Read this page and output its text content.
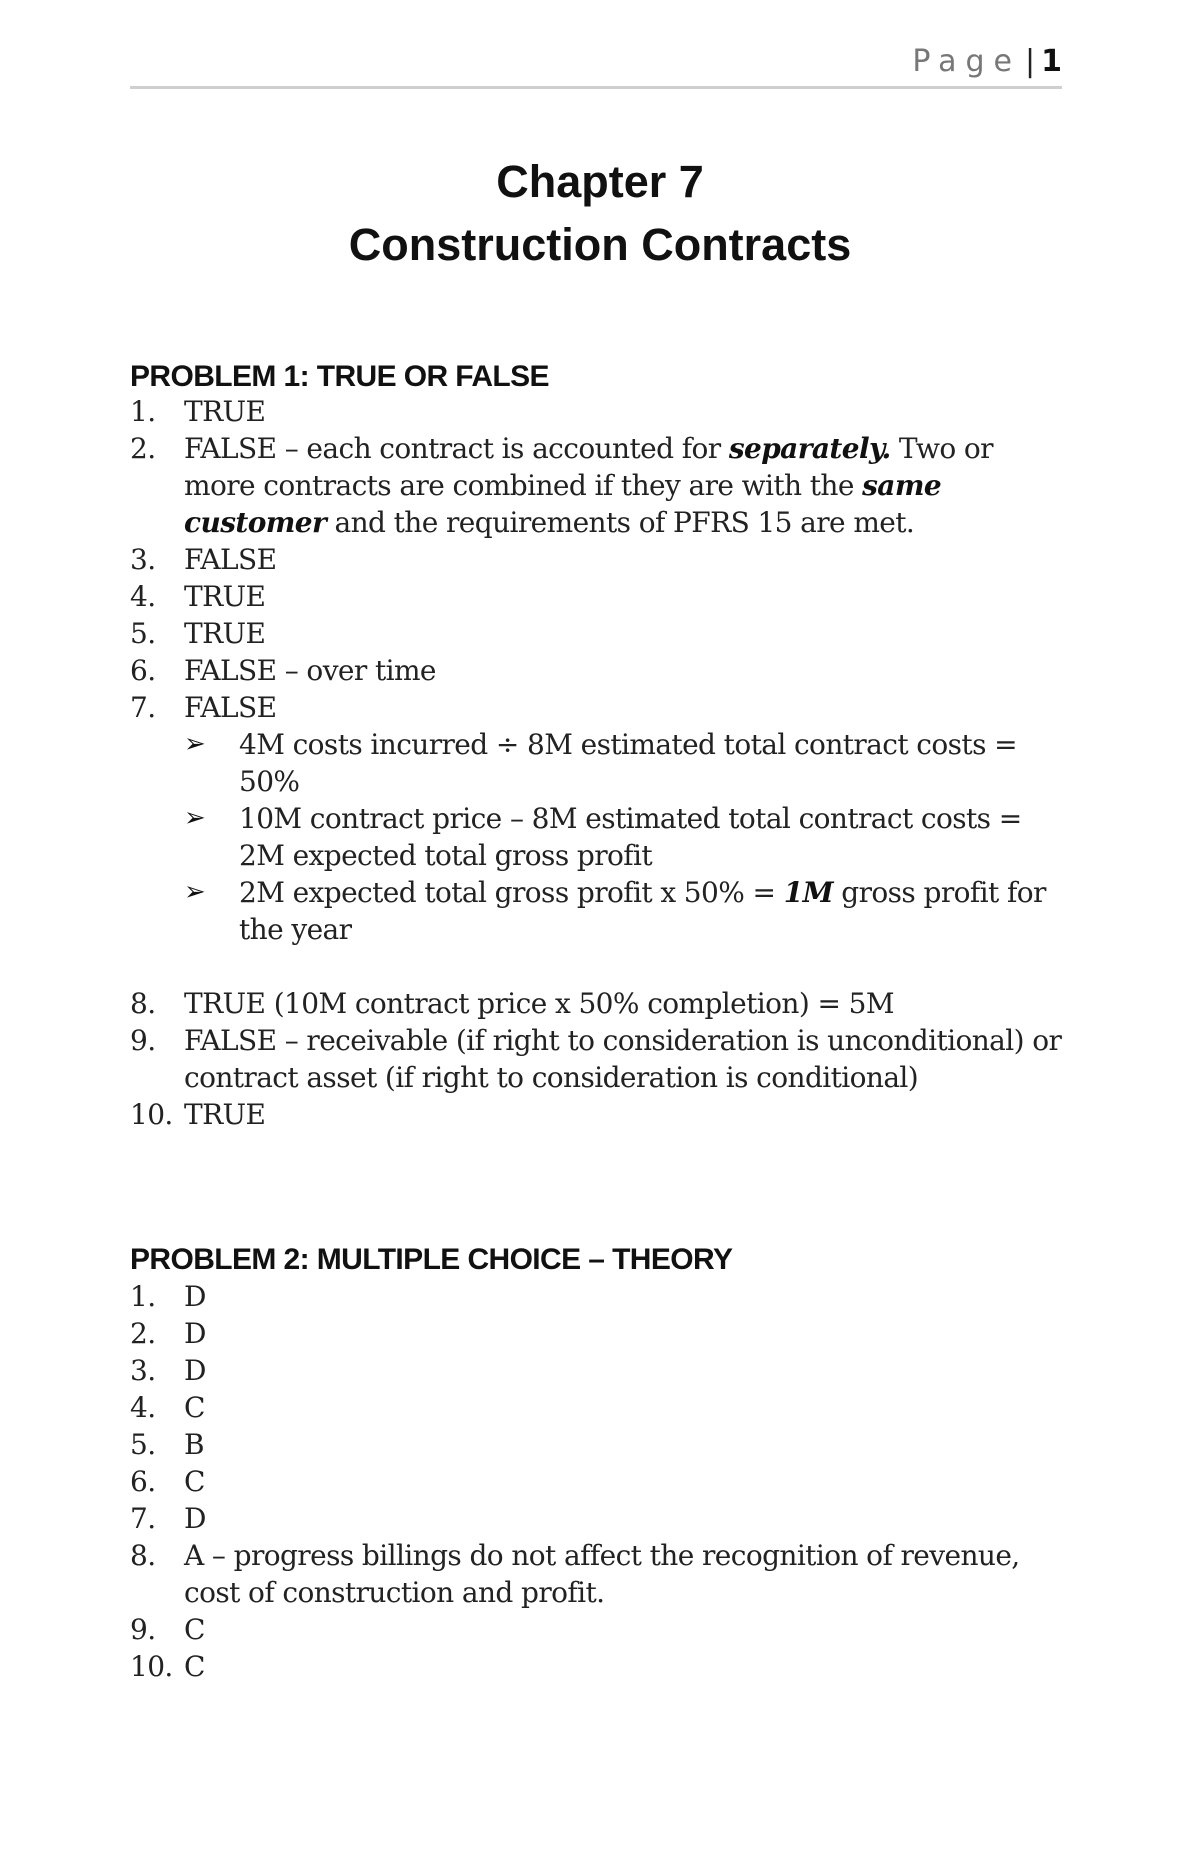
Page | 1
Chapter 7
Construction Contracts
PROBLEM 1: TRUE OR FALSE
1.	TRUE
2.	FALSE – each contract is accounted for separately. Two or more contracts are combined if they are with the same customer and the requirements of PFRS 15 are met.
3.	FALSE
4.	TRUE
5.	TRUE
6.	FALSE – over time
7.	FALSE
➢	4M costs incurred ÷ 8M estimated total contract costs = 50%
➢	10M contract price – 8M estimated total contract costs = 2M expected total gross profit
➢	2M expected total gross profit x 50% = 1M gross profit for the year
8.	TRUE (10M contract price x 50% completion) = 5M
9.	FALSE – receivable (if right to consideration is unconditional) or contract asset (if right to consideration is conditional)
10. TRUE
PROBLEM 2: MULTIPLE CHOICE – THEORY
1.	D
2.	D
3.	D
4.	C
5.	B
6.	C
7.	D
8.	A – progress billings do not affect the recognition of revenue, cost of construction and profit.
9.	C
10. C
